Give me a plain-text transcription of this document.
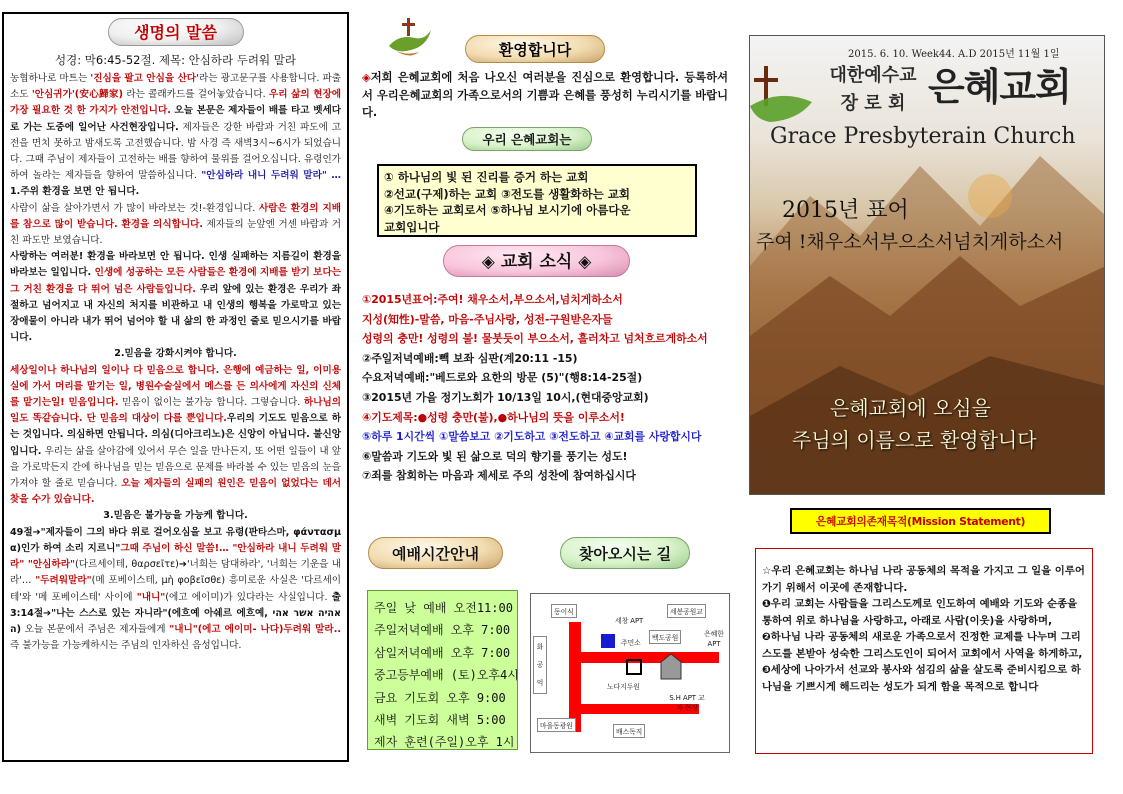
생명의 말씀
성경: 막6:45-52절. 제목: 안심하라 두려워 말라

농협하나로 마트는 '진심을 팔고 안심을 산다'라는 광고문구를 사용합니다. 파출소도 '안심귀가'(安心歸家) 라는 콜래카드를 걸어놓았습니다. 우리 삶의 현장에 가장 필요한 것 한 가지가 안전입니다. 오늘 본문은 제자들이 배를 타고 벳세다로 가는 도중에 일어난 사건현장입니다. 제자들은 강한 바람과 거친 파도에 고전을 면치 못하고 밤새도록 고전했습니다. 밤 사경 즉 새벽3시~6시가 되었습니다. 그때 주님이 제자들이 고전하는 배를 향하여 물위를 걸어오십니다. 유령인가 하여 놀라는 제자들을 향하여 말씀하십니다. "안심하라 내니 두려워 말라" … 1.주위 환경을 보면 안 됩니다.

사람이 삶을 살아가면서 가 많이 바라보는 것!-환경입니다. 사람은 환경의 지배를 참으로 많이 받습니다. 환경을 의식합니다. 제자들의 눈앞엔 거센 바람과 거친 파도만 보였습니다.

사랑하는 여러분! 환경을 바라보면 안 됩니다. 인생 실패하는 지름길이 환경을 바라보는 일입니다. 인생에 성공하는 모든 사람들은 환경에 지배를 받기 보다는 그 거친 환경을 다 뛰어 넘은 사람들입니다. 우리 앞에 있는 환경은 우리가 좌절하고 넘어지고 내 자신의 처지를 비관하고 내 인생의 행복을 가로막고 있는 장애물이 아니라 내가 뛰어 넘어야 할 내 삶의 한 과정인 줄로 믿으시기를 바랍니다.

2.믿음을 강화시켜야 합니다.

세상일이나 하나님의 일이나 다 믿음으로 합니다. 은행에 예금하는 일, 이미용실에 가서 머리를 맡기는 일, 병원수술실에서 메스를 든 의사에게 자신의 신체를 맡기는일! 믿음입니다. 믿음이 없이는 불가능 합니다. 그렇습니다. 하나님의 일도 똑같습니다. 단 믿음의 대상이 다를 뿐입니다.우리의 기도도 믿음으로 하는 것입니다. 의심하면 안됩니다. 의심(디아크리노)은 신앙이 아닙니다. 불신앙입니다. 우리는 삶을 살아감에 있어서 무슨 일을 만나든지, 또 어떤 일들이 내 앞을 가로막든지 간에 하나님을 믿는 믿음으로 문제를 바라볼 수 있는 믿음의 눈을 가져야 할 줄로 믿습니다. 오늘 제자들의 실패의 원인은 믿음이 없었다는 데서 찾을 수가 있습니다.

3.믿음은 불가능을 가능케 합니다.

49절➔"제자들이 그의 바다 위로 걸어오심을 보고 유령(판타스마, φάντασμα)인가 하여 소리 지르니"그때 주님이 하신 말씀!… "안심하라 내니 두려워 말라" "안심하라"(다르세이테, θαρσεῖτε)➔'너희는 담대하라', '너희는 기운을 내라'… "두려워말라"(메 포베이스테, μὴ φοβεῖσθε) 흥미로운 사실은 '다르세이테'와 '메 포베이스테' 사이에 "내니"(에고 에이미)가 있다라는 사실입니다. 출3:14절➔"나는 스스로 있는 자니라"(에흐예 아쉐르 에흐예, אהיה אשר אהיה) 오늘 본문에서 주님은 제자들에게 "내니"(에고 에이미- 나다)두려워 말라.. 즉 불가능을 가능케하시는 주님의 인자하신 음성입니다.

환영합니다
◈저희 은혜교회에 처음 나오신 여러분을 진심으로 환영합니다. 등록하셔서 우리은혜교회의 가족으로서의 기쁨과 은혜를 풍성히 누리시기를 바랍니다.
우리 은혜교회는
① 하나님의 빛 된 진리를 증거 하는 교회
②선교(구제)하는 교회 ③전도를 생활화하는 교회
④기도하는 교회로서 ⑤하나님 보시기에 아름다운
교회입니다
◈ 교회 소식 ◈
①2015년표어:주여! 채우소서,부으소서,넘치게하소서
지성(知性)-말씀, 마음-주님사랑, 성전-구원받은자들
성령의 충만! 성령의 불! 물붓듯이 부으소서, 흘러차고 넘처흐르게하소서
②주일저녁예배:빽 보좌 심판(계20:11 -15)
수요저녁예배:"베드로와 요한의 방문 (5)"(행8:14-25절)
③2015년 가을 정기노회가 10/13일 10시,(현대중앙교회)
④기도제목:●성령 충만(불),●하나님의 뜻을 이루소서!
⑤하루 1시간씩 ①말씀보고 ②기도하고 ③전도하고 ④교회를 사랑합시다
⑥말씀과 기도와 빛 된 삶으로 덕의 향기를 풍기는 성도!
⑦죄를 참회하는 마음과 제세로 주의 성찬에 참여하십시다
예배시간안내	찾아오시는 길
주일 낮 예배 오전11:00
주일저녁예배 오후 7:00
삼일저녁예배 오후 7:00
중고등부예배 (토)오후4시
금요 기도회 오후 9:00
새벽 기도회 새벽 5:00
제자 훈련(주일)오후 1시
동이식
세창 APT
세봉공원교
주민소
백도공원
화 공 억
은혜한 APT
노다지두원
S.H APT 교자 현장
마을동광원
배스독직
2015. 6. 10. Week44. A.D 2015년 11월 1일
대한예수교 장 로 회 은혜교회
Grace Presbyterain Church
2015년 표어
주여 !채우소서부으소서넘치게하소서
은혜교회에 오심을
주님의 이름으로 환영합니다
은혜교회의존재목적(Mission Statement)

☆우리 은혜교회는 하나님 나라 공동체의 목적을 가지고 그 일을 이루어가기 위해서 이곳에 존재합니다.

❶우리 교회는 사람들을 그리스도께로 인도하여 예배와 기도와 순종을 통하여 위로 하나님을 사랑하고, 아래로 사람(이웃)을 사랑하며,

❷하나님 나라 공동체의 새로운 가족으로서 진정한 교제를 나누며 그리스도를 본받아 성숙한 그리스도인이 되어서 교회에서 사역을 하게하고,

❸세상에 나아가서 선교와 봉사와 섬김의 삶을 살도록 준비시킴으로 하나님을 기쁘시게 해드리는 성도가 되게 함을 목적으로 합니다
